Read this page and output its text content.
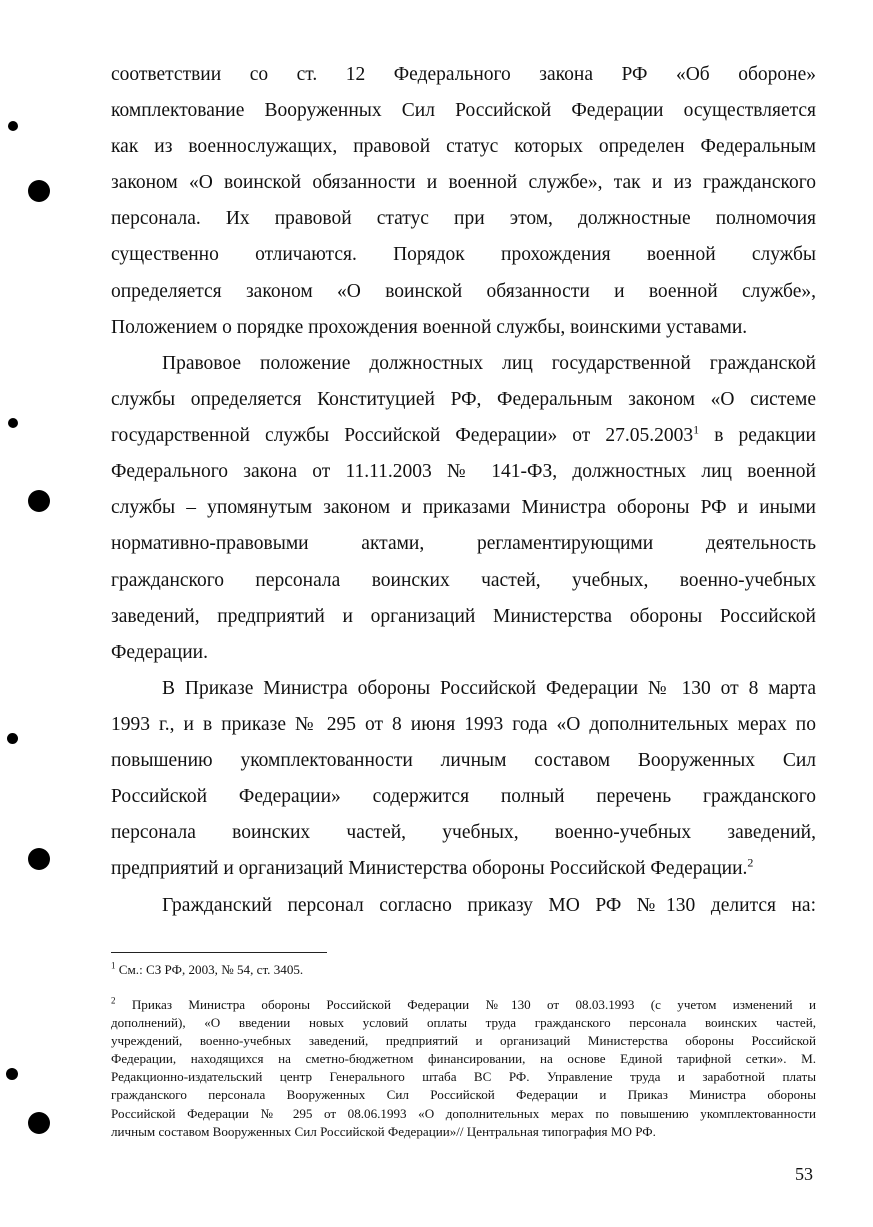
соответствии со ст. 12 Федерального закона РФ «Об обороне»
комплектование Вооруженных Сил Российской Федерации осуществляется
как из военнослужащих, правовой статус которых определен Федеральным
законом «О воинской обязанности и военной службе», так и из гражданского
персонала. Их правовой статус при этом, должностные полномочия
существенно отличаются. Порядок прохождения военной службы
определяется законом «О воинской обязанности и военной службе»,
Положением о порядке прохождения военной службы, воинскими уставами.
Правовое положение должностных лиц государственной гражданской
службы определяется Конституцией РФ, Федеральным законом «О системе
государственной службы Российской Федерации» от 27.05.2003$^1$ в редакции
Федерального закона от 11.11.2003 № 141-ФЗ, должностных лиц военной
службы – упомянутым законом и приказами Министра обороны РФ и иными
нормативно-правовыми актами, регламентирующими деятельность
гражданского персонала воинских частей, учебных, военно-учебных
заведений, предприятий и организаций Министерства обороны Российской
Федерации.
В Приказе Министра обороны Российской Федерации № 130 от 8 марта
1993 г., и в приказе № 295 от 8 июня 1993 года «О дополнительных мерах по
повышению укомплектованности личным составом Вооруженных Сил
Российской Федерации» содержится полный перечень гражданского
персонала воинских частей, учебных, военно-учебных заведений,
предприятий и организаций Министерства обороны Российской Федерации.$^2$
Гражданский персонал согласно приказу МО РФ №130 делится на:
$^1$ См.: СЗ РФ, 2003, № 54, ст. 3405.
$^2$ Приказ Министра обороны Российской Федерации №130 от 08.03.1993 (с учетом изменений и
дополнений), «О введении новых условий оплаты труда гражданского персонала воинских частей,
учреждений, военно-учебных заведений, предприятий и организаций Министерства обороны Российской
Федерации, находящихся на сметно-бюджетном финансировании, на основе Единой тарифной сетки». М.
Редакционно-издательский центр Генерального штаба ВС РФ. Управление труда и заработной платы
гражданского персонала Вооруженных Сил Российской Федерации и Приказ Министра обороны
Российской Федерации № 295 от 08.06.1993 «О дополнительных мерах по повышению укомплектованности
личным составом Вооруженных Сил Российской Федерации»// Центральная типография МО РФ.
53
